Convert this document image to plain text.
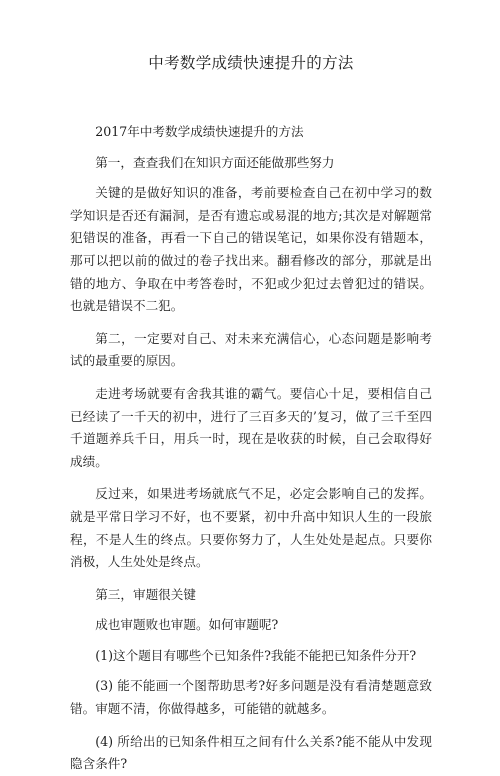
中考数学成绩快速提升的方法

2017年中考数学成绩快速提升的方法

第一，查查我们在知识方面还能做那些努力

关键的是做好知识的准备，考前要检查自己在初中学习的数学知识是否还有漏洞，是否有遗忘或易混的地方;其次是对解题常犯错误的准备，再看一下自己的错误笔记，如果你没有错题本，那可以把以前的做过的卷子找出来。翻看修改的部分，那就是出错的地方、争取在中考答卷时，不犯或少犯过去曾犯过的错误。也就是错误不二犯。

第二，一定要对自己、对未来充满信心，心态问题是影响考试的最重要的原因。

走进考场就要有舍我其谁的霸气。要信心十足，要相信自己已经读了一千天的初中，进行了三百多天的’复习，做了三千至四千道题养兵千日，用兵一时，现在是收获的时候，自己会取得好成绩。

反过来，如果进考场就底气不足，必定会影响自己的发挥。就是平常日学习不好，也不要紧，初中升高中知识人生的一段旅程，不是人生的终点。只要你努力了，人生处处是起点。只要你消极，人生处处是终点。

第三，审题很关键

成也审题败也审题。如何审题呢?

(1)这个题目有哪些个已知条件?我能不能把已知条件分开?

(3) 能不能画一个图帮助思考?好多问题是没有看清楚题意致错。审题不清，你做得越多，可能错的就越多。

(4) 所给出的已知条件相互之间有什么关系?能不能从中发现隐含条件?
